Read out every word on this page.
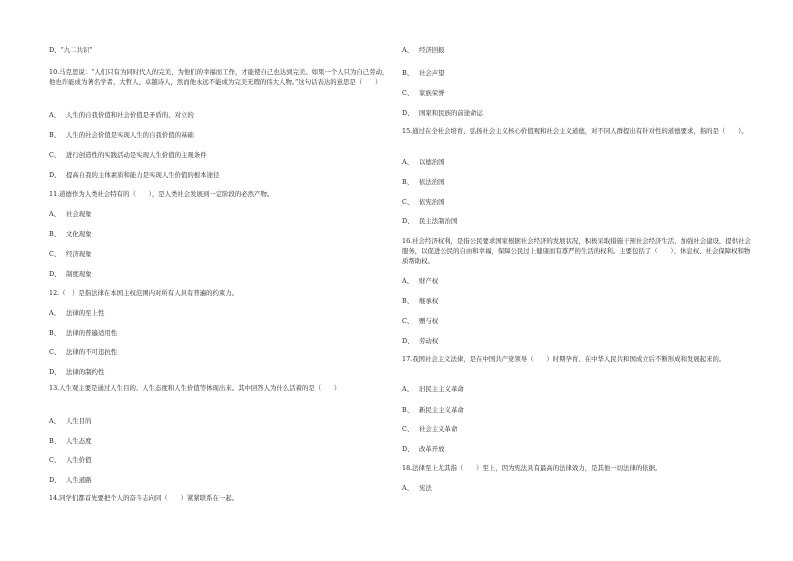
D、“九二共识”
10.马克思说：“人们只有为同时代人的完美、为他们的幸福而工作，才能使自己也达到完美。如果一个人只为自己劳动，他也许能成为著名学者、大哲人、卓越诗人，然而他永远不能成为完美无瑕的伟大人物。”这句话表达的意思是（　　）
A、 人生的自我价值和社会价值是矛盾的、对立的
B、 人生的社会价值是实现人生的自我价值的基础
C、 进行创造性的实践活动是实现人生价值的主观条件
D、 提高自我的主体素质和能力是实现人生价值的根本途径
11.道德作为人类社会特有的（　　），是人类社会发展到一定阶段的必然产物。
A、 社会现象
B、 文化现象
C、 经济现象
D、 制度现象
12.（　）是指法律在本国主权范围内对所有人具有普遍的约束力。
A、 法律的至上性
B、 法律的普遍适用性
C、 法律的不可违抗性
D、 法律的制约性
13.人生观主要是通过人生目的、人生态度和人生价值等体现出来。其中回答人为什么活着的是（　　）
A、 人生目的
B、 人生态度
C、 人生价值
D、 人生道路
14.同学们都首先要把个人的奋斗志向同（　　）紧紧联系在一起。
A、 经济回报
B、 社会声望
C、 家族荣誉
D、 国家和民族的前途命运
15.通过在全社会培育、弘扬社会主义核心价值观和社会主义道德，对不同人群提出有针对性的道德要求，指的是（　　）。
A、 以德治国
B、 依法治国
C、 依宪治国
D、 民主法制治国
16.社会经济权利，是指公民要求国家根据社会经济的发展状况，积极采取措施干预社会经济生活，加强社会建设，提供社会服务，以促进公民的自由和幸福，保障公民过上健康而有尊严的生活的权利。主要包括了（　　）、休息权、社会保障权和物质帮助权。
A、 财产权
B、 继承权
C、 赠与权
D、 劳动权
17.我国社会主义法律，是在中国共产党领导（　　）时期孕育、在中华人民共和国成立后不断形成和发展起来的。
A、 旧民主主义革命
B、 新民主主义革命
C、 社会主义革命
D、 改革开放
18.法律至上尤其指（　　）至上，因为宪法具有最高的法律效力，是其他一切法律的依据。
A、 宪法
